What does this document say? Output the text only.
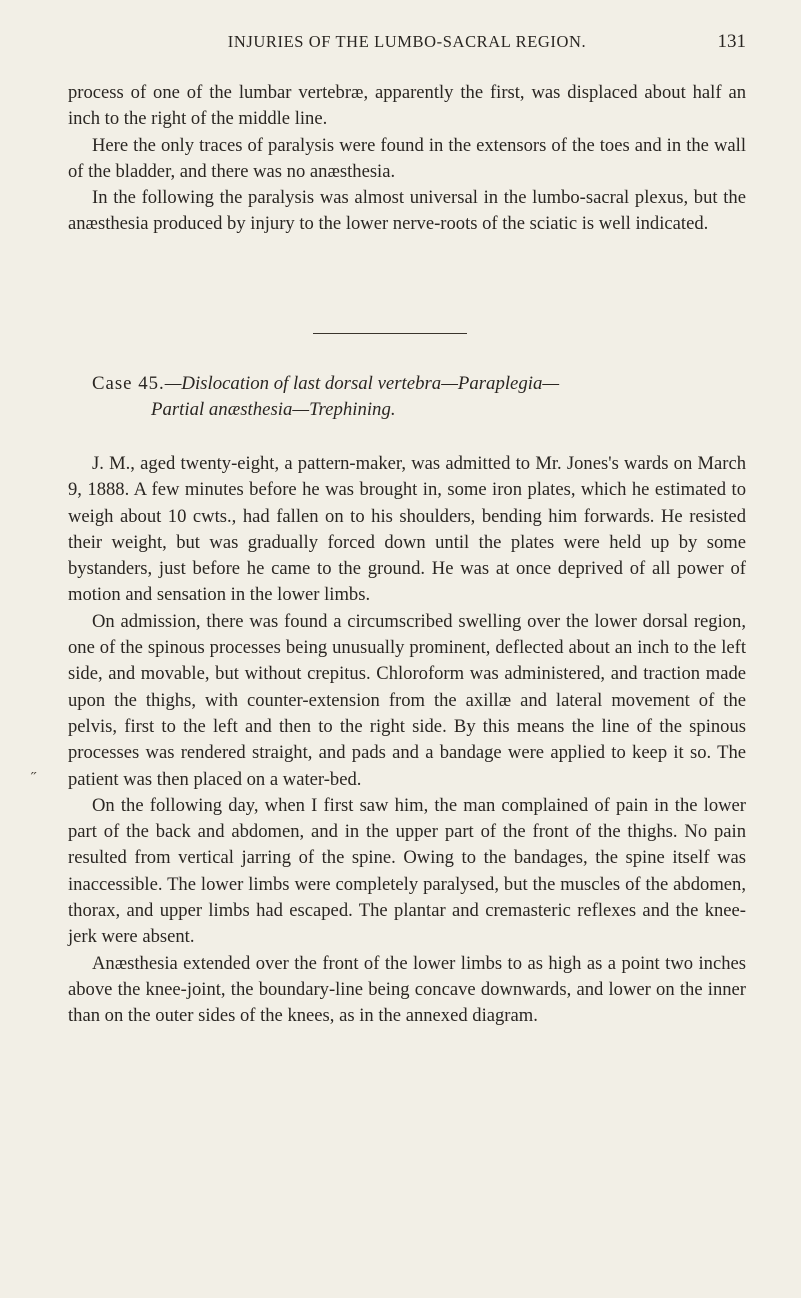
INJURIES OF THE LUMBO-SACRAL REGION.	131

process of one of the lumbar vertebræ, apparently the first, was displaced about half an inch to the right of the middle line.

Here the only traces of paralysis were found in the extensors of the toes and in the wall of the bladder, and there was no anæsthesia.

In the following the paralysis was almost universal in the lumbo-sacral plexus, but the anæsthesia produced by injury to the lower nerve-roots of the sciatic is well indicated.

Case 45.—Dislocation of last dorsal vertebra—Paraplegia—
Partial anæsthesia—Trephining.

J. M., aged twenty-eight, a pattern-maker, was admitted to Mr. Jones's wards on March 9, 1888. A few minutes before he was brought in, some iron plates, which he estimated to weigh about 10 cwts., had fallen on to his shoulders, bending him forwards. He resisted their weight, but was gradually forced down until the plates were held up by some bystanders, just before he came to the ground. He was at once deprived of all power of motion and sensation in the lower limbs.

On admission, there was found a circumscribed swelling over the lower dorsal region, one of the spinous processes being unusually prominent, deflected about an inch to the left side, and movable, but without crepitus. Chloroform was administered, and traction made upon the thighs, with counter-extension from the axillæ and lateral movement of the pelvis, first to the left and then to the right side. By this means the line of the spinous processes was rendered straight, and pads and a bandage were applied to keep it so. The patient was then placed on a water-bed.

On the following day, when I first saw him, the man complained of pain in the lower part of the back and abdomen, and in the upper part of the front of the thighs. No pain resulted from vertical jarring of the spine. Owing to the bandages, the spine itself was inaccessible. The lower limbs were completely paralysed, but the muscles of the abdomen, thorax, and upper limbs had escaped. The plantar and cremasteric reflexes and the knee-jerk were absent.

Anæsthesia extended over the front of the lower limbs to as high as a point two inches above the knee-joint, the boundary-line being concave downwards, and lower on the inner than on the outer sides of the knees, as in the annexed diagram.

˝
